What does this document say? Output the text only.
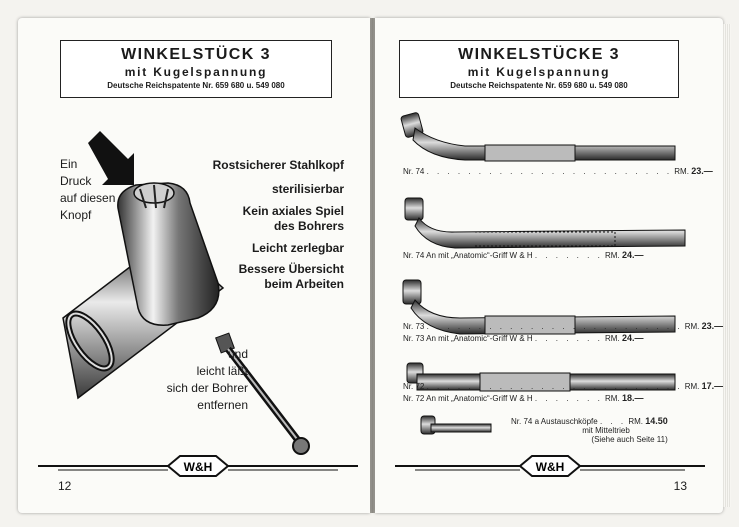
WINKELSTÜCK 3
mit Kugelspannung
Deutsche Reichspatente Nr. 659 680 u. 549 080
Ein
Druck
auf diesen
Knopf
Rostsicherer Stahlkopf
sterilisierbar
Kein axiales Spiel
des Bohrers
Leicht zerlegbar
Bessere Übersicht
beim Arbeiten
und
leicht läßt
sich der Bohrer
entfernen
W&H
12
WINKELSTÜCKE 3
mit Kugelspannung
Deutsche Reichspatente Nr. 659 680 u. 549 080
Nr. 74 . . . . . . . . . . . . . . . . . . . . . . . . RM. 23.—
Nr. 74 An mit „Anatomic“-Griff W & H . . . . . . . RM. 24.—
Nr. 73 . . . . . . . . . . . . . . . . . . . . . . . . . RM. 23.—
Nr. 73 An mit „Anatomic“-Griff W & H . . . . . . . RM. 24.—
Nr. 72 . . . . . . . . . . . . . . . . . . . . . . . . . RM. 17.—
Nr. 72 An mit „Anatomic“-Griff W & H . . . . . . . RM. 18.—
Nr. 74 a Austauschköpfe . . . RM. 14.50
mit Mitteltrieb
(Siehe auch Seite 11)
W&H
13
